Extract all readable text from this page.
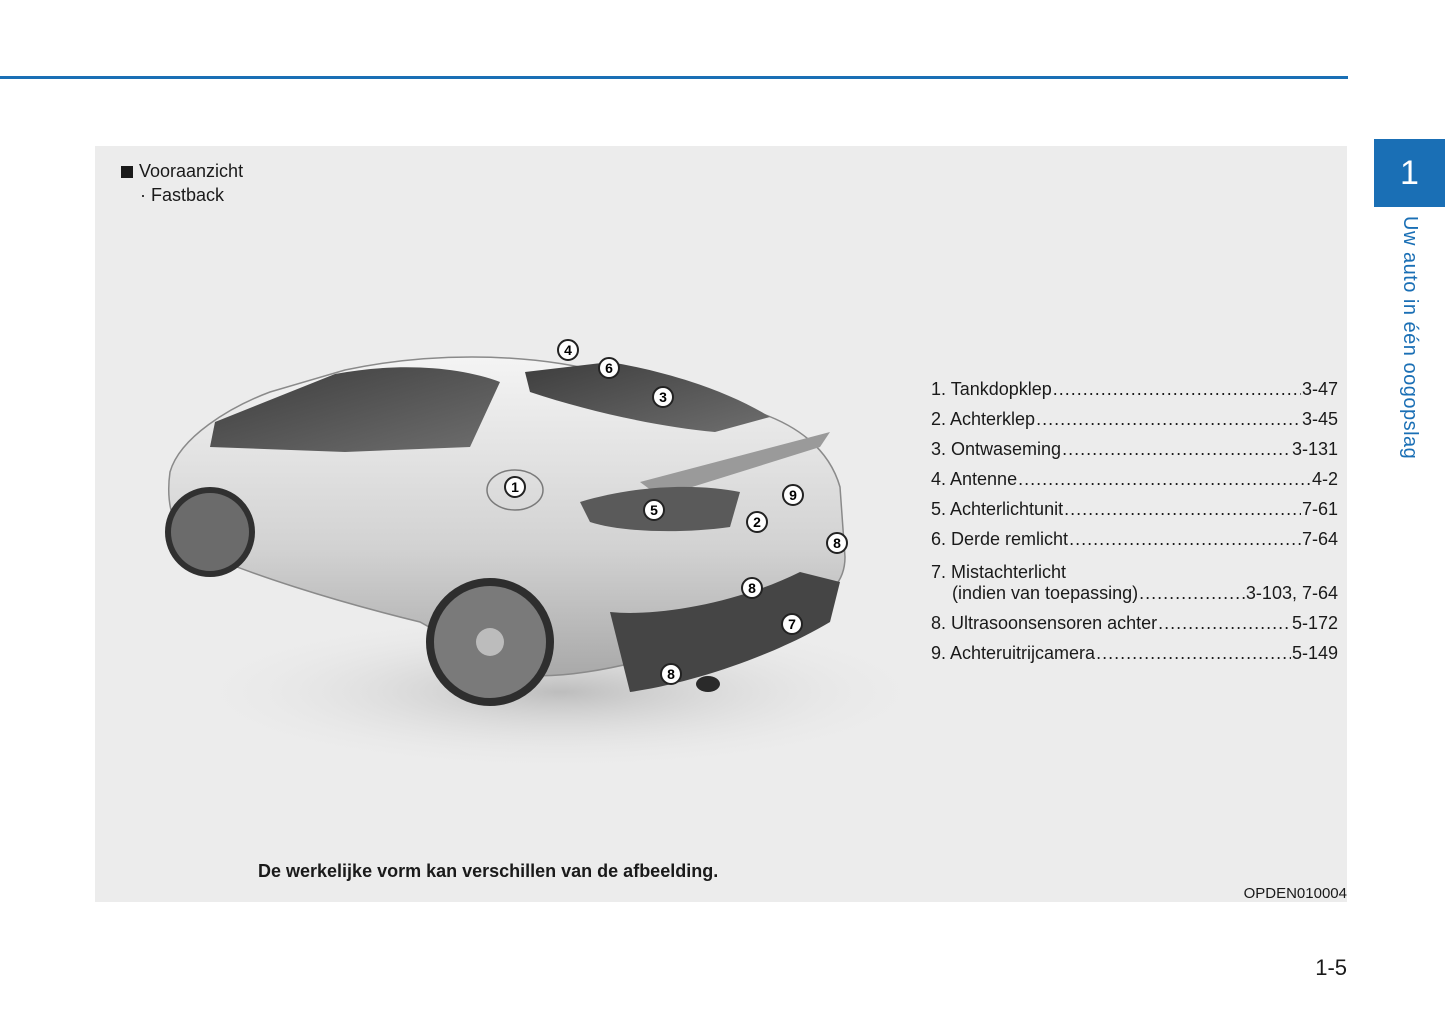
1
Uw auto in één oogopslag
Vooraanzicht
· Fastback
4
6
3
1
5
9
2
8
8
7
8
1. Tankdopklep .....	3-47
2. Achterklep .....	3-45
3. Ontwaseming .....	3-131
4. Antenne .....	4-2
5. Achterlichtunit .....	7-61
6. Derde remlicht .....	7-64
7. Mistachterlicht
(indien van toepassing) .....	3-103, 7-64
8. Ultrasoonsensoren achter .....	5-172
9. Achteruitrijcamera .....	5-149
De werkelijke vorm kan verschillen van de afbeelding.
OPDEN010004
1-5
